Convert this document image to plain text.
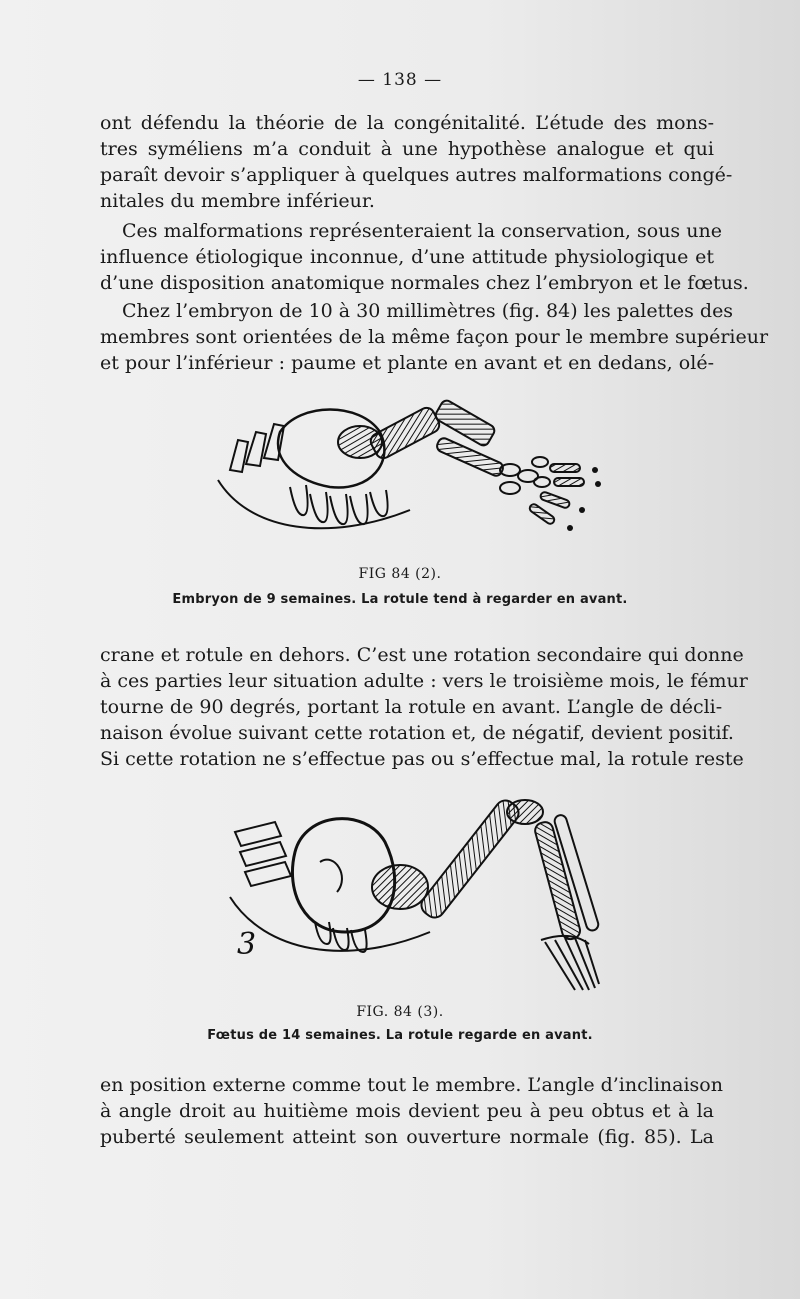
— 138 —
ont défendu la théorie de la congénitalité. L’étude des mons-
tres syméliens m’a conduit à une hypothèse analogue et qui
paraît devoir s’appliquer à quelques autres malformations congé-
nitales du membre inférieur.
Ces malformations représenteraient la conservation, sous une
influence étiologique inconnue, d’une attitude physiologique et
d’une disposition anatomique normales chez l’embryon et le fœtus.
Chez l’embryon de 10 à 30 millimètres (fig. 84) les palettes des
membres sont orientées de la même façon pour le membre supérieur
et pour l’inférieur : paume et plante en avant et en dedans, olé-
FIG 84 (2).
Embryon de 9 semaines. La rotule tend à regarder en avant.
crane et rotule en dehors. C’est une rotation secondaire qui donne
à ces parties leur situation adulte : vers le troisième mois, le fémur
tourne de 90 degrés, portant la rotule en avant. L’angle de décli-
naison évolue suivant cette rotation et, de négatif, devient positif.
Si cette rotation ne s’effectue pas ou s’effectue mal, la rotule reste
3
FIG. 84 (3).
Fœtus de 14 semaines. La rotule regarde en avant.
en position externe comme tout le membre. L’angle d’inclinaison
à angle droit au huitième mois devient peu à peu obtus et à la
puberté seulement atteint son ouverture normale (fig. 85). La
